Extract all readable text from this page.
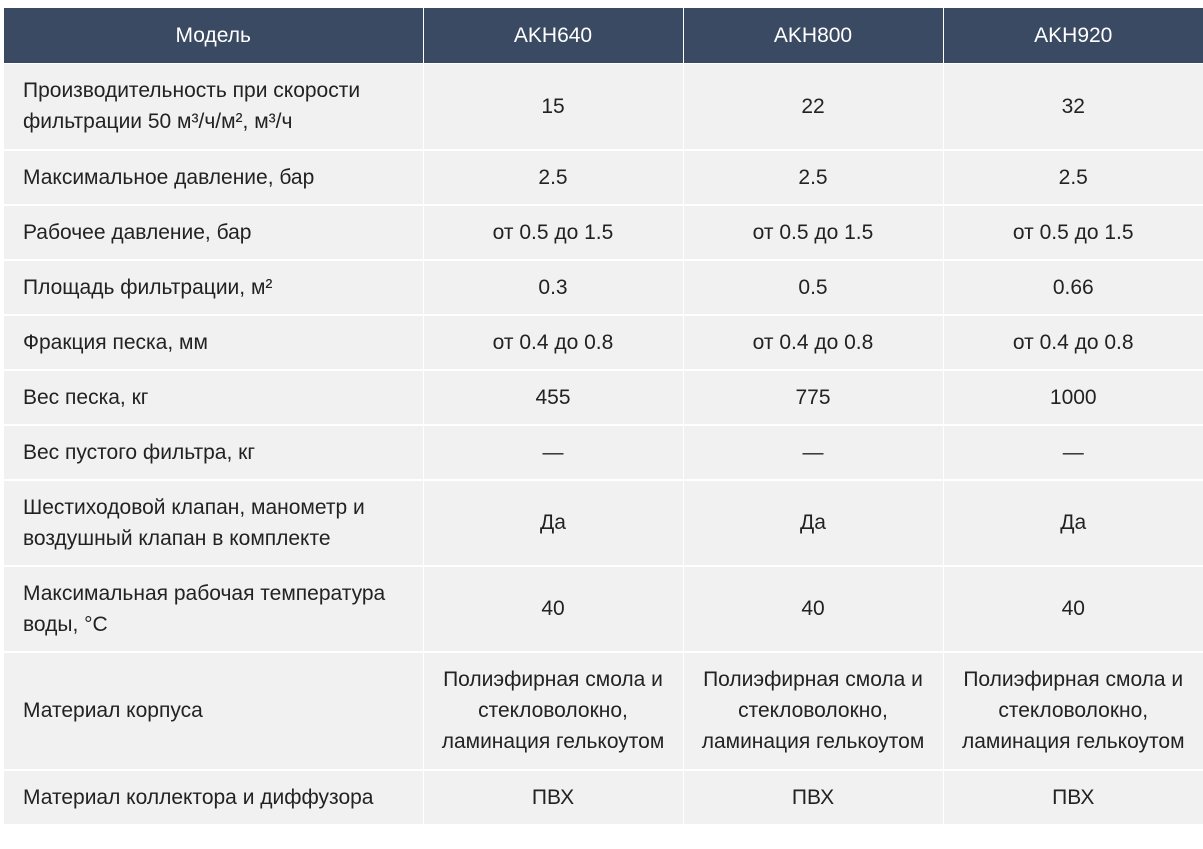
Модель	AKH640	AKH800	AKH920
Производительность при скорости фильтрации 50 м³/ч/м², м³/ч	15	22	32
Максимальное давление, бар	2.5	2.5	2.5
Рабочее давление, бар	от 0.5 до 1.5	от 0.5 до 1.5	от 0.5 до 1.5
Площадь фильтрации, м²	0.3	0.5	0.66
Фракция песка, мм	от 0.4 до 0.8	от 0.4 до 0.8	от 0.4 до 0.8
Вес песка, кг	455	775	1000
Вес пустого фильтра, кг	—	—	—
Шестиходовой клапан, манометр и воздушный клапан в комплекте	Да	Да	Да
Максимальная рабочая температура воды, °С	40	40	40
Материал корпуса	Полиэфирная смола и стекловолокно, ламинация гелькоутом	Полиэфирная смола и стекловолокно, ламинация гелькоутом	Полиэфирная смола и стекловолокно, ламинация гелькоутом
Материал коллектора и диффузора	ПВХ	ПВХ	ПВХ
